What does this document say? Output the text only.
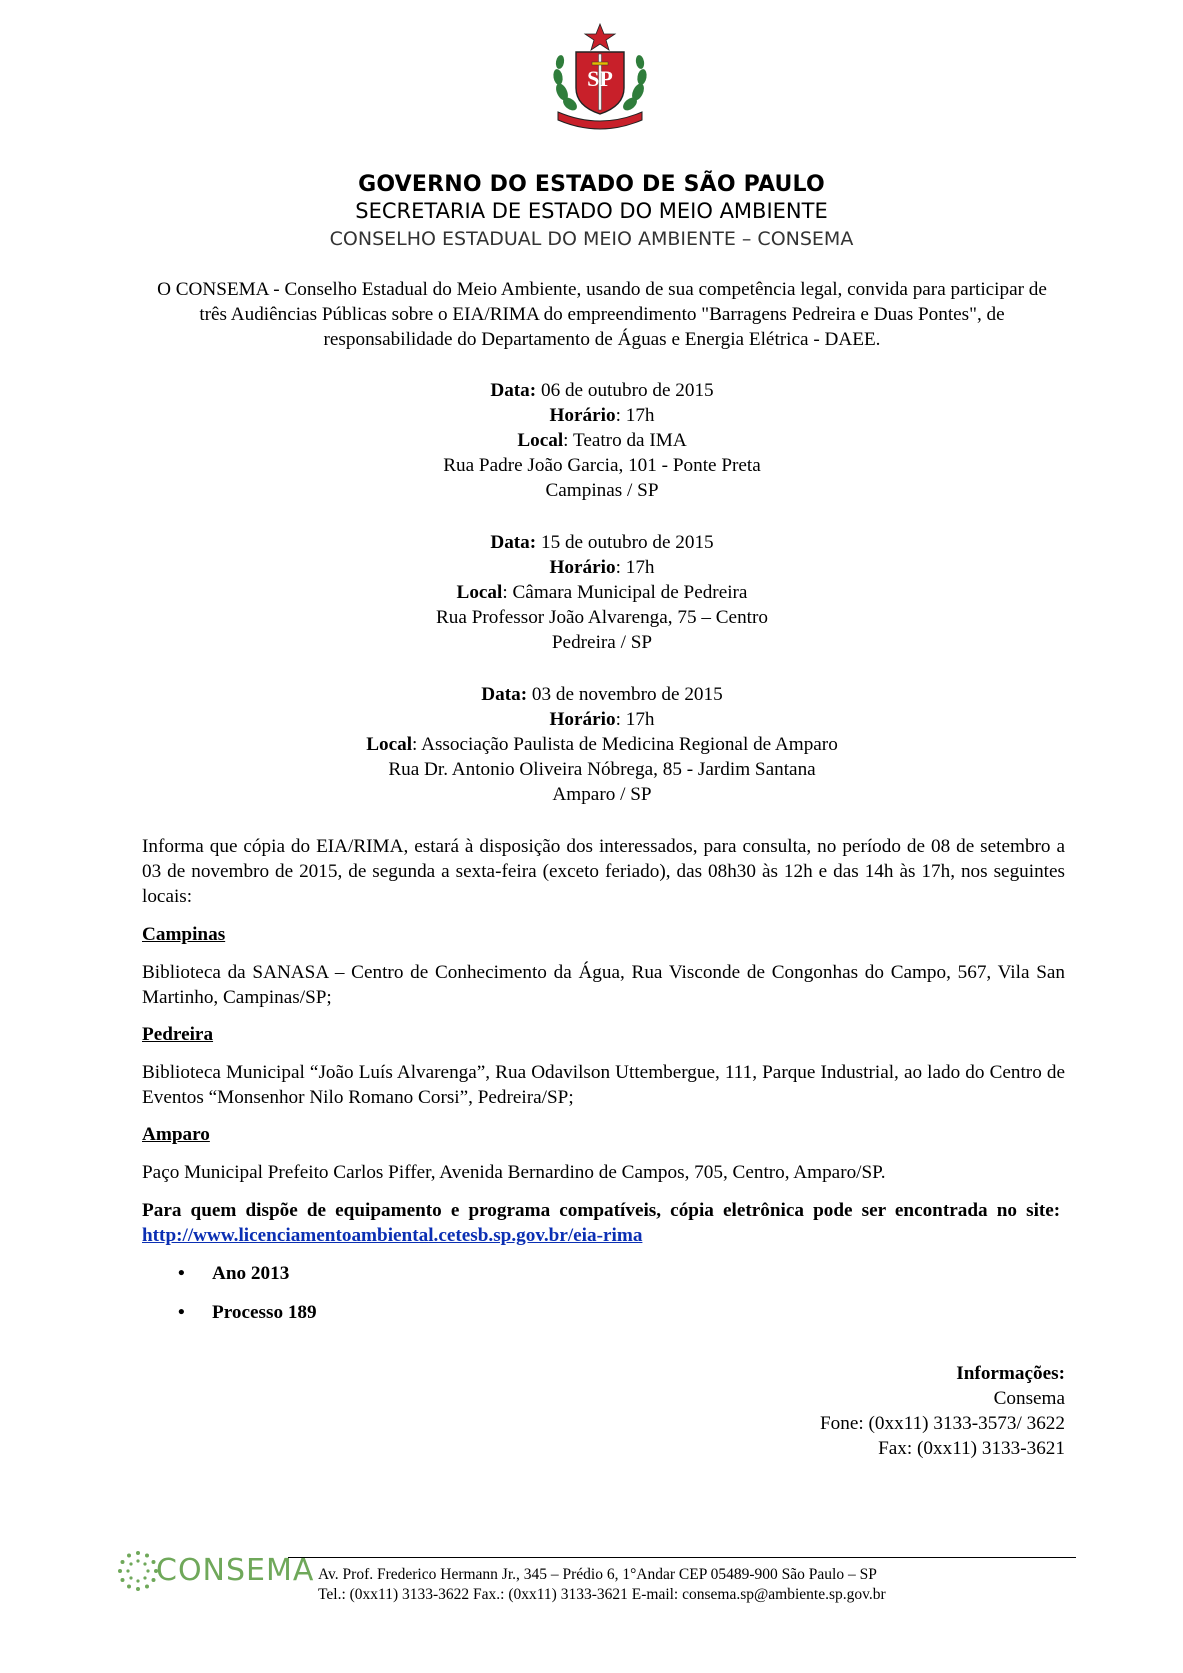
SP
GOVERNO DO ESTADO DE SÃO PAULO
SECRETARIA DE ESTADO DO MEIO AMBIENTE
CONSELHO ESTADUAL DO MEIO AMBIENTE – CONSEMA
O CONSEMA - Conselho Estadual do Meio Ambiente, usando de sua competência legal, convida para participar de três Audiências Públicas sobre o EIA/RIMA do empreendimento "Barragens Pedreira e Duas Pontes", de responsabilidade do Departamento de Águas e Energia Elétrica - DAEE.

Data: 06 de outubro de 2015

Horário: 17h

Local: Teatro da IMA

Rua Padre João Garcia, 101 - Ponte Preta

Campinas / SP

Data: 15 de outubro de 2015

Horário: 17h

Local: Câmara Municipal de Pedreira

Rua Professor João Alvarenga, 75 – Centro

Pedreira / SP

Data: 03 de novembro de 2015

Horário: 17h

Local: Associação Paulista de Medicina Regional de Amparo

Rua Dr. Antonio Oliveira Nóbrega, 85 - Jardim Santana

Amparo / SP

Informa que cópia do EIA/RIMA, estará à disposição dos interessados, para consulta, no período de 08 de setembro a 03 de novembro de 2015, de segunda a sexta-feira (exceto feriado), das 08h30 às 12h e das 14h às 17h, nos seguintes locais:
Campinas
Biblioteca da SANASA – Centro de Conhecimento da Água, Rua Visconde de Congonhas do Campo, 567, Vila San Martinho, Campinas/SP;
Pedreira
Biblioteca Municipal “João Luís Alvarenga”, Rua Odavilson Uttembergue, 111, Parque Industrial, ao lado do Centro de Eventos “Monsenhor Nilo Romano Corsi”, Pedreira/SP;
Amparo
Paço Municipal Prefeito Carlos Piffer, Avenida Bernardino de Campos, 705, Centro, Amparo/SP.
Para quem dispõe de equipamento e programa compatíveis, cópia eletrônica pode ser encontrada no site:  http://www.licenciamentoambiental.cetesb.sp.gov.br/eia-rima
• Ano 2013
• Processo 189

Informações:

Consema

Fone: (0xx11) 3133-3573/ 3622

Fax: (0xx11) 3133-3621

CONSEMA Av. Prof. Frederico Hermann Jr., 345 – Prédio 6, 1°Andar CEP 05489-900 São Paulo – SP
Tel.: (0xx11) 3133-3622 Fax.: (0xx11) 3133-3621 E-mail: consema.sp@ambiente.sp.gov.br
